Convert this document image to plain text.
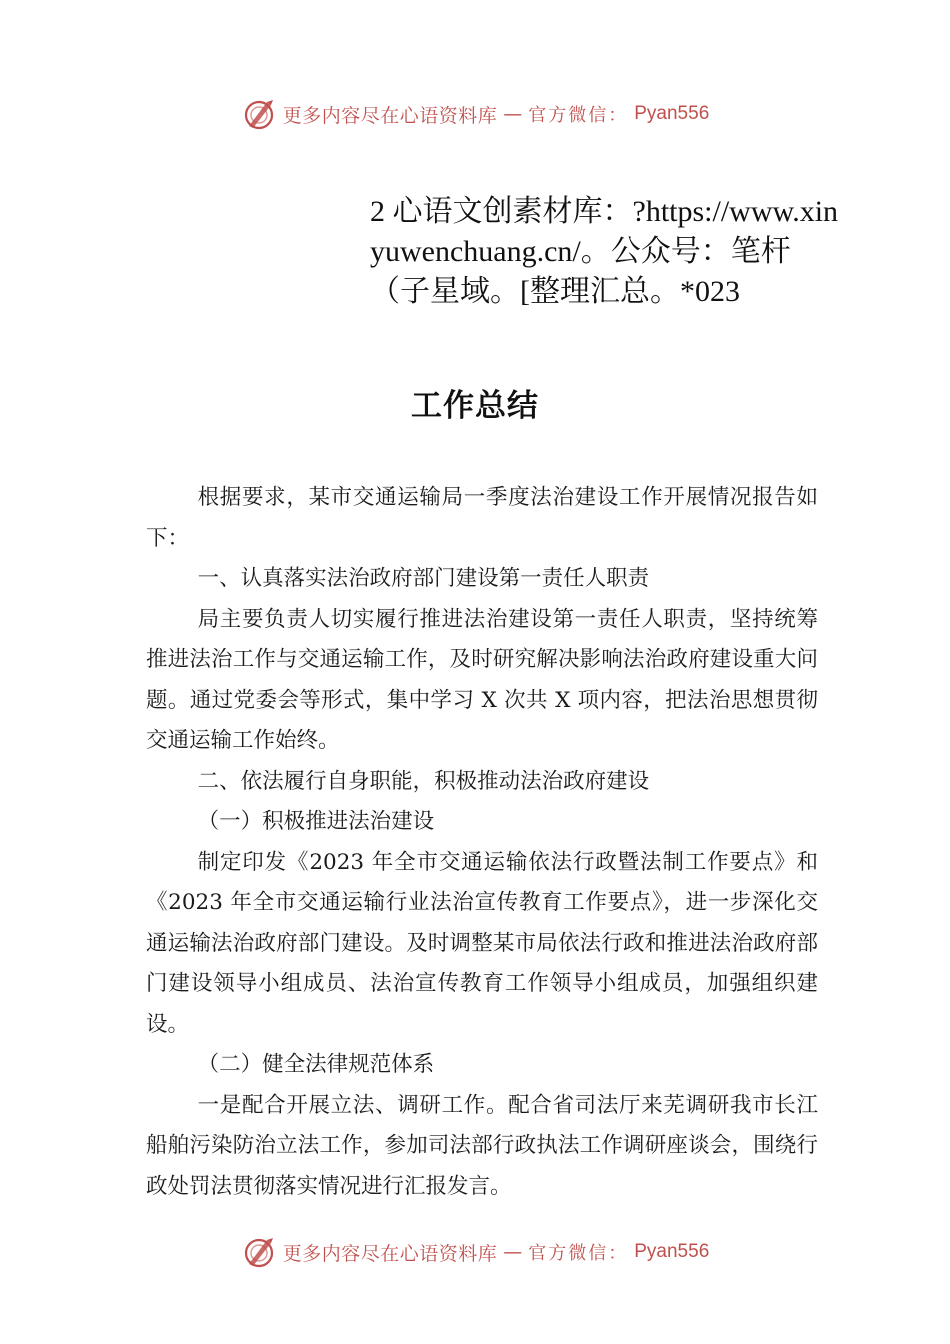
更多内容尽在心语资料库 — 官方微信： Pyan556
2 心语文创素材库：?https://www.xinyuwenchuang.cn/。公众号：笔杆（子星域。[整理汇总。*023
工作总结

根据要求，某市交通运输局一季度法治建设工作开展情况报告如下：

一、认真落实法治政府部门建设第一责任人职责

局主要负责人切实履行推进法治建设第一责任人职责，坚持统筹推进法治工作与交通运输工作，及时研究解决影响法治政府建设重大问题。通过党委会等形式，集中学习 X 次共 X 项内容，把法治思想贯彻交通运输工作始终。

二、依法履行自身职能，积极推动法治政府建设

（一）积极推进法治建设

制定印发《2023 年全市交通运输依法行政暨法制工作要点》和《2023 年全市交通运输行业法治宣传教育工作要点》，进一步深化交通运输法治政府部门建设。及时调整某市局依法行政和推进法治政府部门建设领导小组成员、法治宣传教育工作领导小组成员，加强组织建设。

（二）健全法律规范体系

一是配合开展立法、调研工作。配合省司法厅来芜调研我市长江船舶污染防治立法工作，参加司法部行政执法工作调研座谈会，围绕行政处罚法贯彻落实情况进行汇报发言。

更多内容尽在心语资料库 — 官方微信： Pyan556
